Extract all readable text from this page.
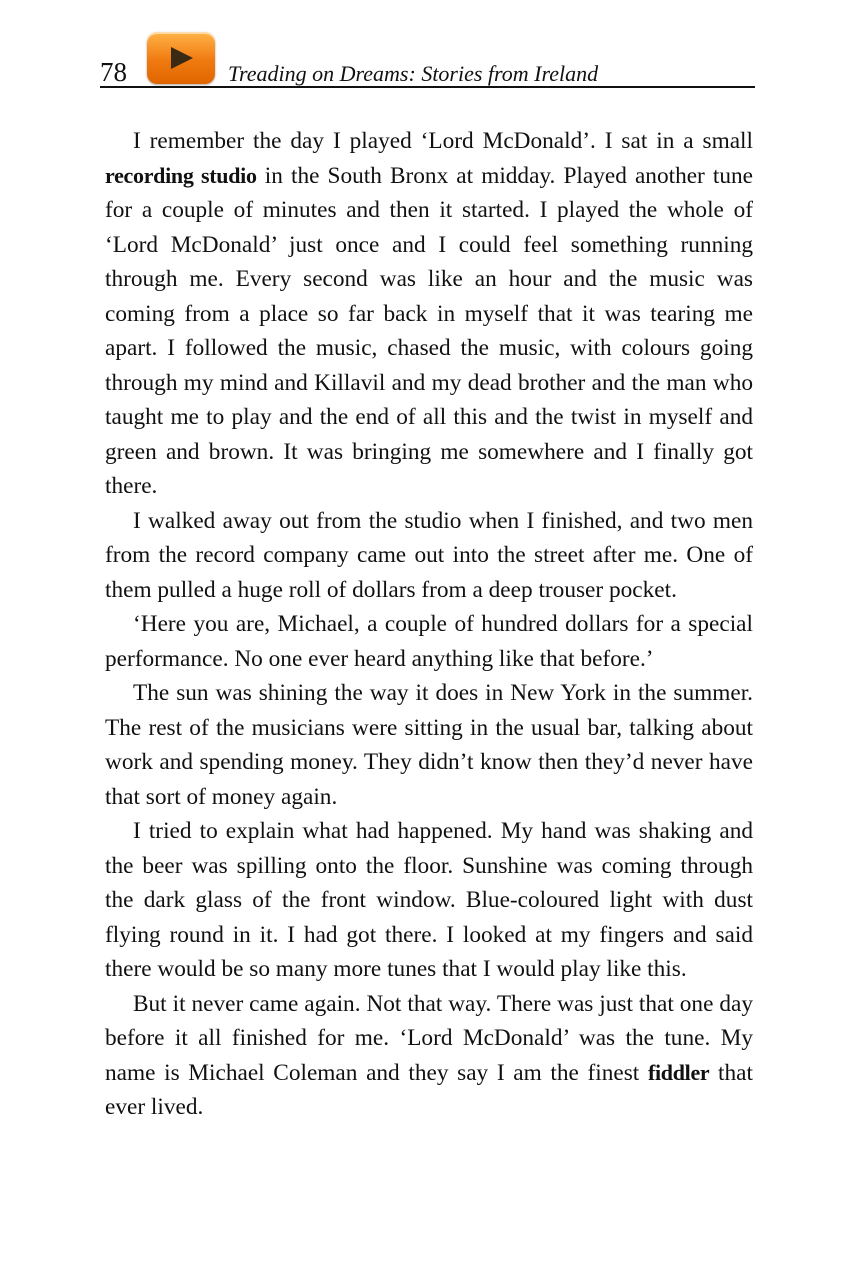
78	Treading on Dreams: Stories from Ireland

I remember the day I played ‘Lord McDonald’. I sat in a small recording studio in the South Bronx at midday. Played another tune for a couple of minutes and then it started. I played the whole of ‘Lord McDonald’ just once and I could feel something running through me. Every second was like an hour and the music was coming from a place so far back in myself that it was tearing me apart. I followed the music, chased the music, with colours going through my mind and Killavil and my dead brother and the man who taught me to play and the end of all this and the twist in myself and green and brown. It was bringing me somewhere and I finally got there.

I walked away out from the studio when I finished, and two men from the record company came out into the street after me. One of them pulled a huge roll of dollars from a deep trouser pocket.

‘Here you are, Michael, a couple of hundred dollars for a special performance. No one ever heard anything like that before.’

The sun was shining the way it does in New York in the summer. The rest of the musicians were sitting in the usual bar, talking about work and spending money. They didn’t know then they’d never have that sort of money again.

I tried to explain what had happened. My hand was shaking and the beer was spilling onto the floor. Sunshine was coming through the dark glass of the front window. Blue-coloured light with dust flying round in it. I had got there. I looked at my fingers and said there would be so many more tunes that I would play like this.

But it never came again. Not that way. There was just that one day before it all finished for me. ‘Lord McDonald’ was the tune. My name is Michael Coleman and they say I am the finest fiddler that ever lived.
